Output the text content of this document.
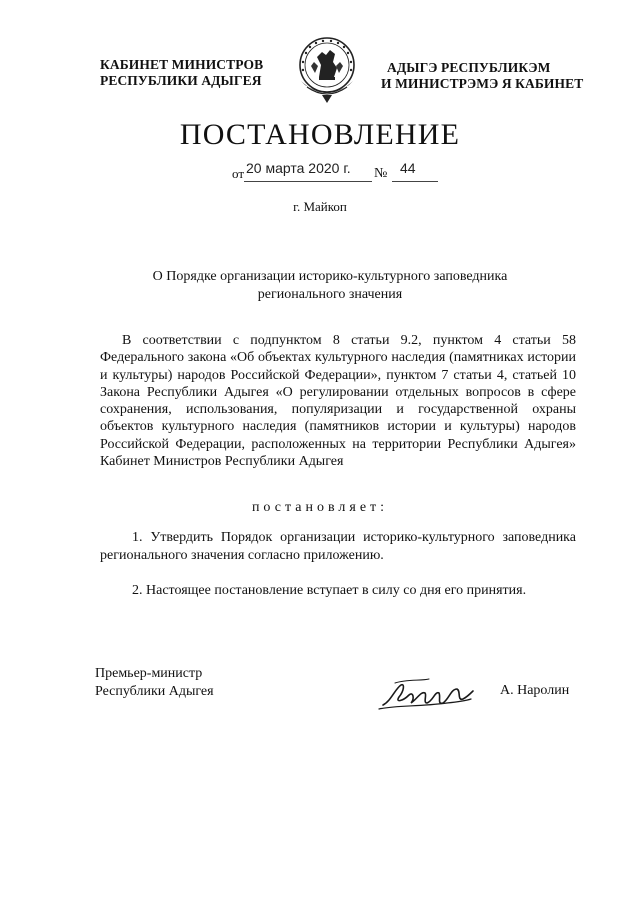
КАБИНЕТ МИНИСТРОВ
РЕСПУБЛИКИ АДЫГЕЯ
АДЫГЭ РЕСПУБЛИКЭМ
И МИНИСТРЭМЭ Я КАБИНЕТ
ПОСТАНОВЛЕНИЕ
от 20 марта 2020 г. № 44
г. Майкоп
О Порядке организации историко-культурного заповедника
регионального значения
В соответствии с подпунктом 8 статьи 9.2, пунктом 4 статьи 58 Федерального закона «Об объектах культурного наследия (памятниках истории и культуры) народов Российской Федерации», пунктом 7 статьи 4, статьей 10 Закона Республики Адыгея «О регулировании отдельных вопросов в сфере сохранения, использования, популяризации и государственной охраны объектов культурного наследия (памятников истории и культуры) народов Российской Федерации, расположенных на территории Республики Адыгея» Кабинет Министров Республики Адыгея
постановляет:
1. Утвердить Порядок организации историко-культурного заповедника регионального значения согласно приложению.
2. Настоящее постановление вступает в силу со дня его принятия.
Премьер-министр
Республики Адыгея	А. Наролин
